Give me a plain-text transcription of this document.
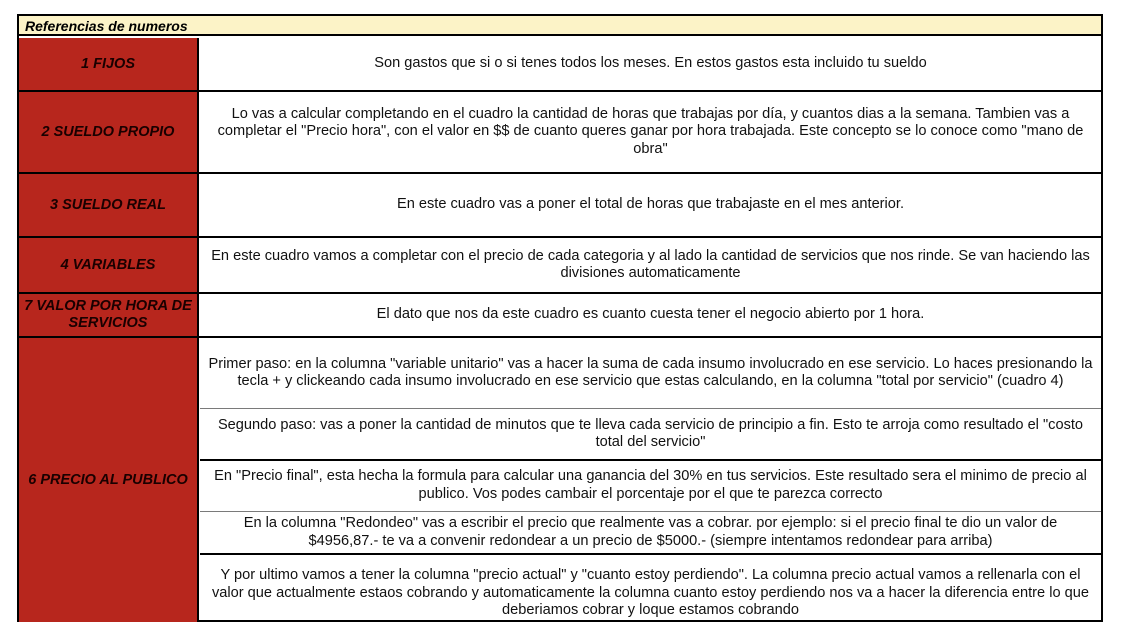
Referencias de numeros
1 FIJOS	Son gastos que si o si tenes todos los meses. En estos gastos esta incluido tu sueldo
2 SUELDO PROPIO
Lo vas a calcular completando en el cuadro la cantidad de horas que trabajas por día, y cuantos dias a la semana. Tambien vas a completar el "Precio hora", con el valor en $$ de cuanto queres ganar por hora trabajada. Este concepto se lo conoce como "mano de obra"
3 SUELDO REAL	En este cuadro vas a poner el total de horas que trabajaste en el mes anterior.
4 VARIABLES
En este cuadro vamos a completar con el precio de cada categoria y al lado la cantidad de servicios que nos rinde. Se van haciendo las divisiones automaticamente
7 VALOR POR HORA DE SERVICIOS
El dato que nos da este cuadro es cuanto cuesta tener el negocio abierto por 1 hora.
6 PRECIO AL PUBLICO
Primer paso: en la columna "variable unitario" vas a hacer la suma de cada insumo involucrado en ese servicio. Lo haces presionando la tecla + y clickeando cada insumo involucrado en ese servicio que estas calculando, en la columna "total por servicio" (cuadro 4)
Segundo paso: vas a poner la cantidad de minutos que te lleva cada servicio de principio a fin. Esto te arroja como resultado el "costo total del servicio"
En "Precio final", esta hecha la formula para calcular una ganancia del 30% en tus servicios. Este resultado sera el minimo de precio al publico. Vos podes cambair el porcentaje por el que te parezca correcto
En la columna "Redondeo" vas a escribir el precio que realmente vas a cobrar. por ejemplo: si el precio final te dio un valor de $4956,87.- te va a convenir redondear a un precio de $5000.- (siempre intentamos redondear para arriba)
Y por ultimo vamos a tener la columna "precio actual" y "cuanto estoy perdiendo". La columna precio actual vamos a rellenarla con el valor que actualmente estaos cobrando y automaticamente la columna cuanto estoy perdiendo nos va a hacer la diferencia entre lo que deberiamos cobrar y loque estamos cobrando
